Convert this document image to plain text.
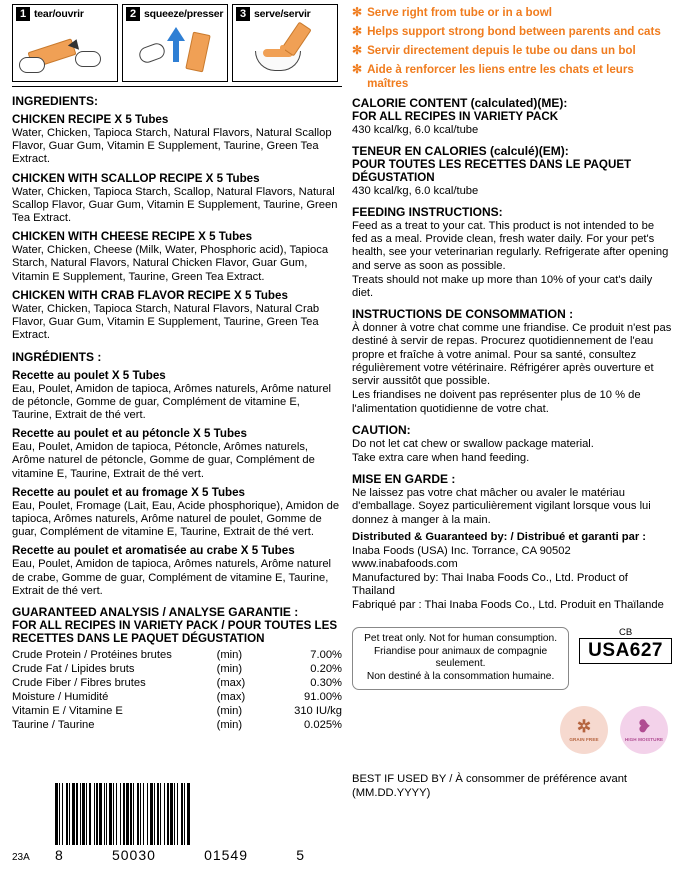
1 tear/ouvrir	2 squeeze/presser	3 serve/servir
INGREDIENTS:
CHICKEN RECIPE X 5 Tubes
Water, Chicken, Tapioca Starch, Natural Flavors, Natural Scallop Flavor, Guar Gum, Vitamin E Supplement, Taurine, Green Tea Extract.
CHICKEN WITH SCALLOP RECIPE X 5 Tubes
Water, Chicken, Tapioca Starch, Scallop, Natural Flavors, Natural Scallop Flavor, Guar Gum, Vitamin E Supplement, Taurine, Green Tea Extract.
CHICKEN WITH CHEESE RECIPE X 5 Tubes
Water, Chicken, Cheese (Milk, Water, Phosphoric acid), Tapioca Starch, Natural Flavors, Natural Chicken Flavor, Guar Gum, Vitamin E Supplement, Taurine, Green Tea Extract.
CHICKEN WITH CRAB FLAVOR RECIPE X 5 Tubes
Water, Chicken, Tapioca Starch, Natural Flavors, Natural Crab Flavor, Guar Gum, Vitamin E Supplement, Taurine, Green Tea Extract.
INGRÉDIENTS :
Recette au poulet X 5 Tubes
Eau, Poulet, Amidon de tapioca, Arômes naturels, Arôme naturel de pétoncle, Gomme de guar, Complément de vitamine E, Taurine, Extrait de thé vert.
Recette au poulet et au pétoncle X 5 Tubes
Eau, Poulet, Amidon de tapioca, Pétoncle, Arômes naturels, Arôme naturel de pétoncle, Gomme de guar, Complément de vitamine E, Taurine, Extrait de thé vert.
Recette au poulet et au fromage X 5 Tubes
Eau, Poulet, Fromage (Lait, Eau, Acide phosphorique), Amidon de tapioca, Arômes naturels, Arôme naturel de poulet, Gomme de guar, Complément de vitamine E, Taurine, Extrait de thé vert.
Recette au poulet et aromatisée au crabe X 5 Tubes
Eau, Poulet, Amidon de tapioca, Arômes naturels, Arôme naturel de crabe, Gomme de guar, Complément de vitamine E, Taurine, Extrait de thé vert.
GUARANTEED ANALYSIS / ANALYSE GARANTIE :
FOR ALL RECIPES IN VARIETY PACK / POUR TOUTES LES RECETTES DANS LE PAQUET DÉGUSTATION
Crude Protein / Protéines brutes	(min)	7.00%
Crude Fat / Lipides bruts	(min)	0.20%
Crude Fiber / Fibres brutes	(max)	0.30%
Moisture / Humidité	(max)	91.00%
Vitamin E / Vitamine E	(min)	310 IU/kg
Taurine / Taurine	(min)	0.025%
✻ Serve right from tube or in a bowl
✻ Helps support strong bond between parents and cats
✻ Servir directement depuis le tube ou dans un bol
✻ Aide à renforcer les liens entre les chats et leurs maîtres
CALORIE CONTENT (calculated)(ME):
FOR ALL RECIPES IN VARIETY PACK
430 kcal/kg, 6.0 kcal/tube
TENEUR EN CALORIES (calculé)(EM):
POUR TOUTES LES RECETTES DANS LE PAQUET DÉGUSTATION
430 kcal/kg, 6.0 kcal/tube
FEEDING INSTRUCTIONS:
Feed as a treat to your cat. This product is not intended to be fed as a meal. Provide clean, fresh water daily. For your pet's health, see your veterinarian regularly. Refrigerate after opening and serve as soon as possible.
Treats should not make up more than 10% of your cat's daily diet.
INSTRUCTIONS DE CONSOMMATION :
À donner à votre chat comme une friandise. Ce produit n'est pas destiné à servir de repas. Procurez quotidiennement de l'eau propre et fraîche à votre animal. Pour sa santé, consultez régulièrement votre vétérinaire. Réfrigérer après ouverture et servir aussitôt que possible.
Les friandises ne doivent pas représenter plus de 10 % de l'alimentation quotidienne de votre chat.
CAUTION:
Do not let cat chew or swallow package material.
Take extra care when hand feeding.
MISE EN GARDE :
Ne laissez pas votre chat mâcher ou avaler le matériau d'emballage. Soyez particulièrement vigilant lorsque vous lui donnez à manger à la main.
Distributed & Guaranteed by: / Distribué et garanti par :
Inaba Foods (USA) Inc. Torrance, CA 90502 www.inabafoods.com
Manufactured by: Thai Inaba Foods Co., Ltd. Product of Thailand
Fabriqué par : Thai Inaba Foods Co., Ltd. Produit en Thaïlande
Pet treat only. Not for human consumption.
Friandise pour animaux de compagnie seulement.
Non destiné à la consommation humaine.
CB
USA627
✲
GRAIN FREE
❥
HIGH MOISTURE
BEST IF USED BY / À consommer de préférence avant
(MM.DD.YYYY)
8	50030	01549	5
23A
